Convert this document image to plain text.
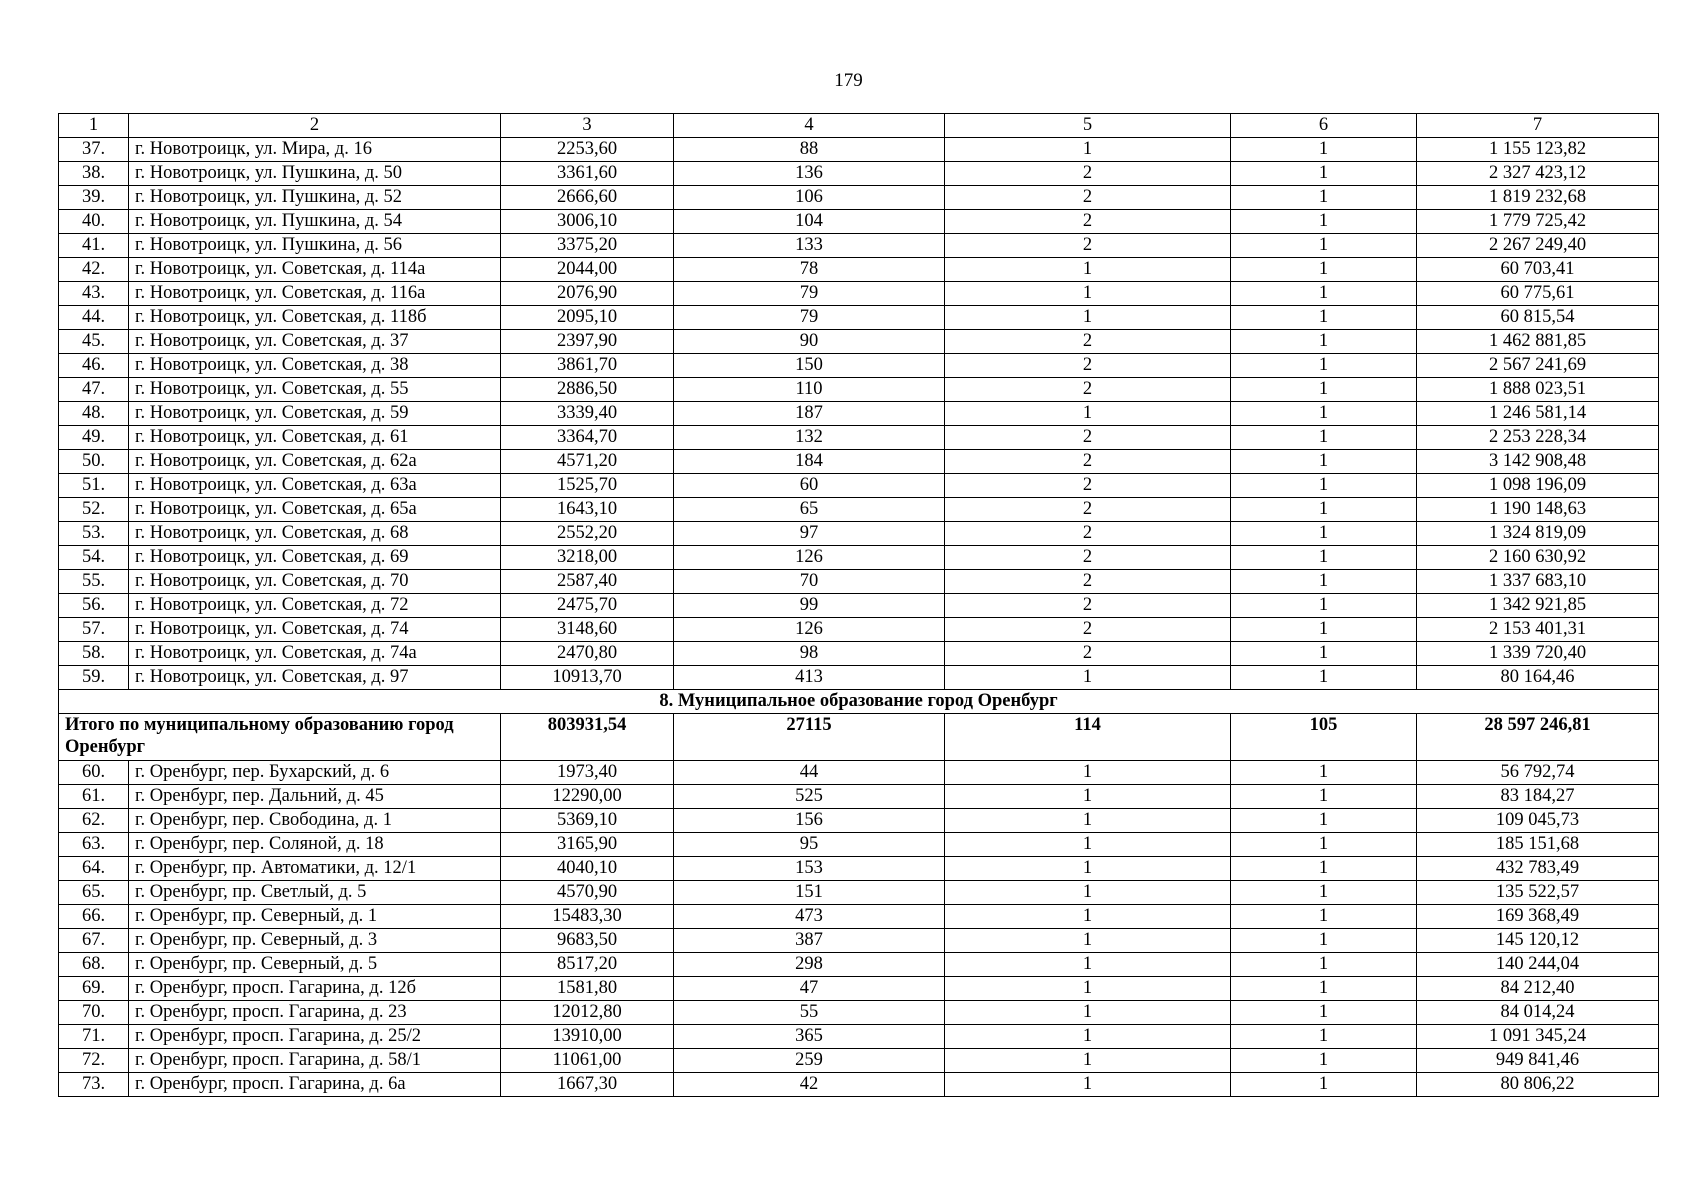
179
1	2	3	4	5	6	7
37.	г. Новотроицк, ул. Мира, д. 16	2253,60	88	1	1	1 155 123,82
38.	г. Новотроицк, ул. Пушкина, д. 50	3361,60	136	2	1	2 327 423,12
39.	г. Новотроицк, ул. Пушкина, д. 52	2666,60	106	2	1	1 819 232,68
40.	г. Новотроицк, ул. Пушкина, д. 54	3006,10	104	2	1	1 779 725,42
41.	г. Новотроицк, ул. Пушкина, д. 56	3375,20	133	2	1	2 267 249,40
42.	г. Новотроицк, ул. Советская, д. 114а	2044,00	78	1	1	60 703,41
43.	г. Новотроицк, ул. Советская, д. 116а	2076,90	79	1	1	60 775,61
44.	г. Новотроицк, ул. Советская, д. 118б	2095,10	79	1	1	60 815,54
45.	г. Новотроицк, ул. Советская, д. 37	2397,90	90	2	1	1 462 881,85
46.	г. Новотроицк, ул. Советская, д. 38	3861,70	150	2	1	2 567 241,69
47.	г. Новотроицк, ул. Советская, д. 55	2886,50	110	2	1	1 888 023,51
48.	г. Новотроицк, ул. Советская, д. 59	3339,40	187	1	1	1 246 581,14
49.	г. Новотроицк, ул. Советская, д. 61	3364,70	132	2	1	2 253 228,34
50.	г. Новотроицк, ул. Советская, д. 62а	4571,20	184	2	1	3 142 908,48
51.	г. Новотроицк, ул. Советская, д. 63а	1525,70	60	2	1	1 098 196,09
52.	г. Новотроицк, ул. Советская, д. 65а	1643,10	65	2	1	1 190 148,63
53.	г. Новотроицк, ул. Советская, д. 68	2552,20	97	2	1	1 324 819,09
54.	г. Новотроицк, ул. Советская, д. 69	3218,00	126	2	1	2 160 630,92
55.	г. Новотроицк, ул. Советская, д. 70	2587,40	70	2	1	1 337 683,10
56.	г. Новотроицк, ул. Советская, д. 72	2475,70	99	2	1	1 342 921,85
57.	г. Новотроицк, ул. Советская, д. 74	3148,60	126	2	1	2 153 401,31
58.	г. Новотроицк, ул. Советская, д. 74а	2470,80	98	2	1	1 339 720,40
59.	г. Новотроицк, ул. Советская, д. 97	10913,70	413	1	1	80 164,46
8. Муниципальное образование город Оренбург						
Итого по муниципальному образованию город Оренбург		803931,54	27115	114	105	28 597 246,81
60.	г. Оренбург, пер. Бухарский, д. 6	1973,40	44	1	1	56 792,74
61.	г. Оренбург, пер. Дальний, д. 45	12290,00	525	1	1	83 184,27
62.	г. Оренбург, пер. Свободина, д. 1	5369,10	156	1	1	109 045,73
63.	г. Оренбург, пер. Соляной, д. 18	3165,90	95	1	1	185 151,68
64.	г. Оренбург, пр. Автоматики, д. 12/1	4040,10	153	1	1	432 783,49
65.	г. Оренбург, пр. Светлый, д. 5	4570,90	151	1	1	135 522,57
66.	г. Оренбург, пр. Северный, д. 1	15483,30	473	1	1	169 368,49
67.	г. Оренбург, пр. Северный, д. 3	9683,50	387	1	1	145 120,12
68.	г. Оренбург, пр. Северный, д. 5	8517,20	298	1	1	140 244,04
69.	г. Оренбург, просп. Гагарина, д. 12б	1581,80	47	1	1	84 212,40
70.	г. Оренбург, просп. Гагарина, д. 23	12012,80	55	1	1	84 014,24
71.	г. Оренбург, просп. Гагарина, д. 25/2	13910,00	365	1	1	1 091 345,24
72.	г. Оренбург, просп. Гагарина, д. 58/1	11061,00	259	1	1	949 841,46
73.	г. Оренбург, просп. Гагарина, д. 6а	1667,30	42	1	1	80 806,22
